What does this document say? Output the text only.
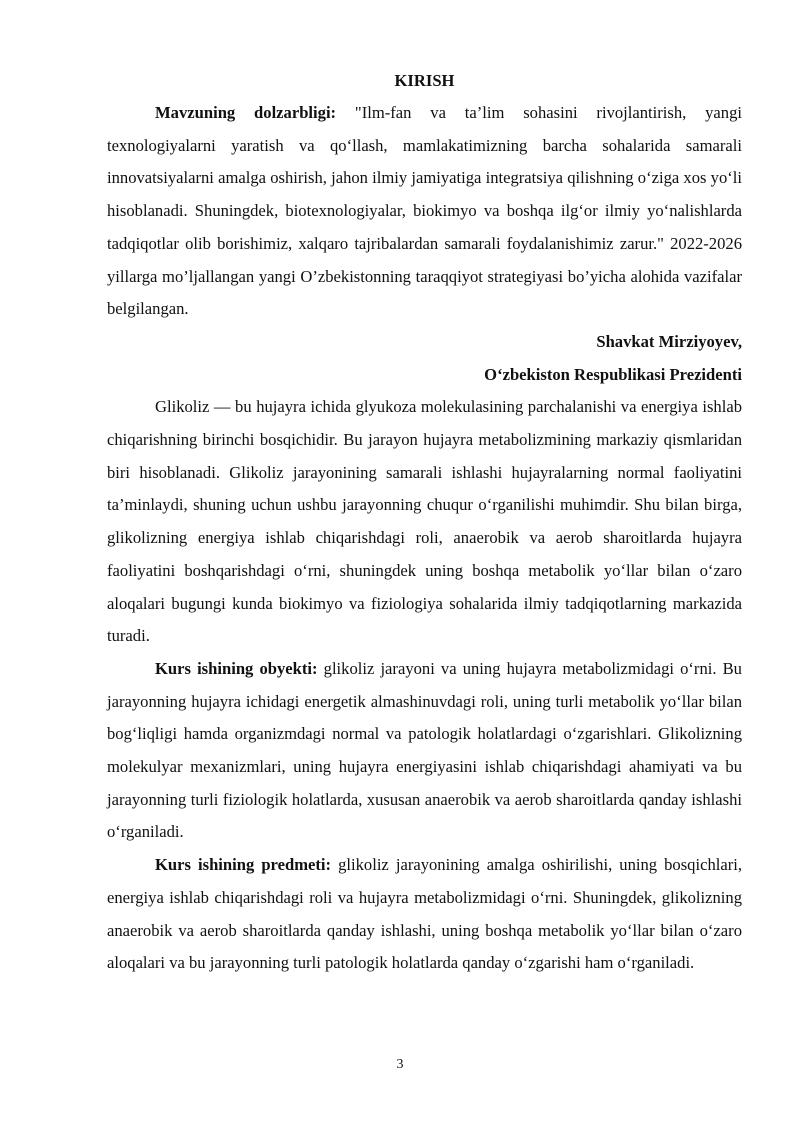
KIRISH

Mavzuning dolzarbligi: "Ilm-fan va ta’lim sohasini rivojlantirish, yangi texnologiyalarni yaratish va qo‘llash, mamlakatimizning barcha sohalarida samarali innovatsiyalarni amalga oshirish, jahon ilmiy jamiyatiga integratsiya qilishning o‘ziga xos yo‘li hisoblanadi. Shuningdek, biotexnologiyalar, biokimyo va boshqa ilg‘or ilmiy yo‘nalishlarda tadqiqotlar olib borishimiz, xalqaro tajribalardan samarali foydalanishimiz zarur." 2022-2026 yillarga mo’ljallangan yangi O’zbekistonning taraqqiyot strategiyasi bo’yicha alohida vazifalar belgilangan.

Shavkat Mirziyoyev,

O‘zbekiston Respublikasi Prezidenti

Glikoliz — bu hujayra ichida glyukoza molekulasining parchalanishi va energiya ishlab chiqarishning birinchi bosqichidir. Bu jarayon hujayra metabolizmining markaziy qismlaridan biri hisoblanadi. Glikoliz jarayonining samarali ishlashi hujayralarning normal faoliyatini ta’minlaydi, shuning uchun ushbu jarayonning chuqur o‘rganilishi muhimdir. Shu bilan birga, glikolizning energiya ishlab chiqarishdagi roli, anaerobik va aerob sharoitlarda hujayra faoliyatini boshqarishdagi o‘rni, shuningdek uning boshqa metabolik yo‘llar bilan o‘zaro aloqalari bugungi kunda biokimyo va fiziologiya sohalarida ilmiy tadqiqotlarning markazida turadi.

Kurs ishining obyekti: glikoliz jarayoni va uning hujayra metabolizmidagi o‘rni. Bu jarayonning hujayra ichidagi energetik almashinuvdagi roli, uning turli metabolik yo‘llar bilan bog‘liqligi hamda organizmdagi normal va patologik holatlardagi o‘zgarishlari. Glikolizning molekulyar mexanizmlari, uning hujayra energiyasini ishlab chiqarishdagi ahamiyati va bu jarayonning turli fiziologik holatlarda, xususan anaerobik va aerob sharoitlarda qanday ishlashi o‘rganiladi.

Kurs ishining predmeti: glikoliz jarayonining amalga oshirilishi, uning bosqichlari, energiya ishlab chiqarishdagi roli va hujayra metabolizmidagi o‘rni. Shuningdek, glikolizning anaerobik va aerob sharoitlarda qanday ishlashi, uning boshqa metabolik yo‘llar bilan o‘zaro aloqalari va bu jarayonning turli patologik holatlarda qanday o‘zgarishi ham o‘rganiladi.

3
